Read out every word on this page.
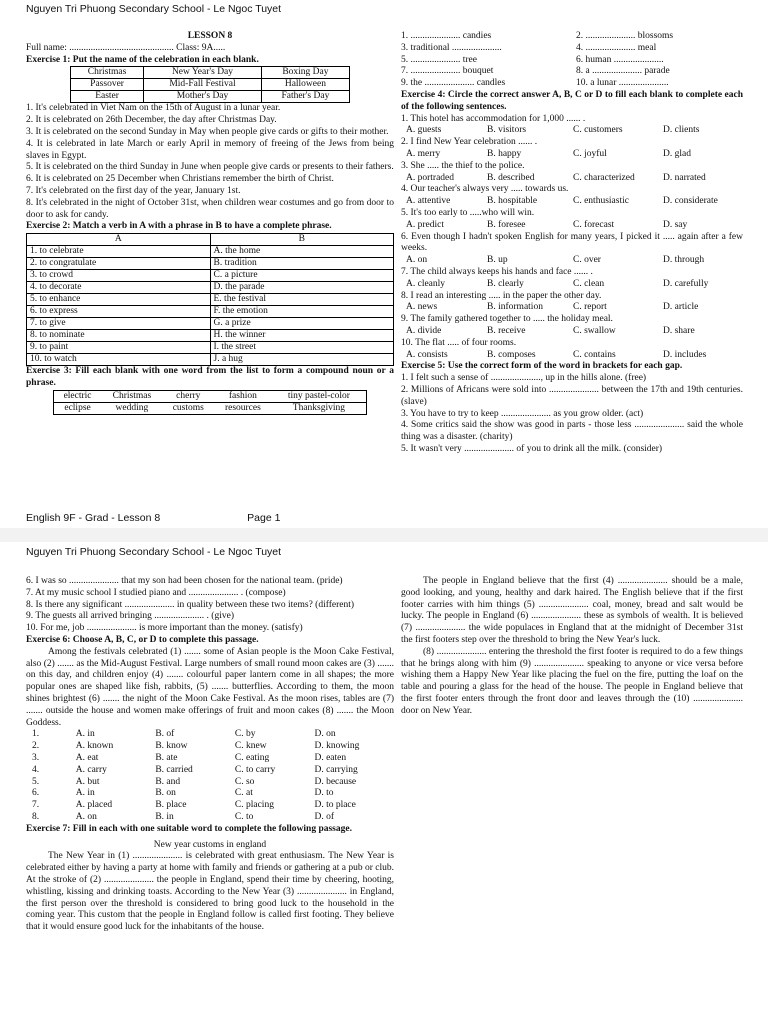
Nguyen Tri Phuong Secondary School - Le Ngoc Tuyet
LESSON 8
Full name: ............................................ Class: 9A.....
Exercise 1: Put the name of the celebration in each blank.
Christmas	New Year's Day	Boxing Day
Passover	Mid-Fall Festival	Halloween
Easter	Mother's Day	Father's Day
1. It's celebrated in Viet Nam on the 15th of August in a lunar year.
2. It is celebrated on 26th December, the day after Christmas Day.
3. It is celebrated on the second Sunday in May when people give cards or gifts to their mother.
4. It is celebrated in late March or early April in memory of freeing of the Jews from being slaves in Egypt.
5. It is celebrated on the third Sunday in June when people give cards or presents to their fathers.
6. It is celebrated on 25 December when Christians remember the birth of Christ.
7. It's celebrated on the first day of the year, January 1st.
8. It's celebrated in the night of October 31st, when children wear costumes and go from door to door to ask for candy.
Exercise 2: Match a verb in A with a phrase in B to have a complete phrase.
A	B
1. to celebrate	A. the home
2. to congratulate	B. tradition
3. to crowd	C. a picture
4. to decorate	D. the parade
5. to enhance	E. the festival
6. to express	F. the emotion
7. to give	G. a prize
8. to nominate	H. the winner
9. to paint	I. the street
10. to watch	J. a hug
Exercise 3: Fill each blank with one word from the list to form a compound noun or a phrase.
electric	Christmas	cherry	fashion	tiny pastel-color
eclipse	wedding	customs	resources	Thanksgiving
1. ..................... candies	2. ..................... blossoms
3. traditional .....................	4. ..................... meal
5. ..................... tree	6. human .....................
7. ..................... bouquet	8. a ..................... parade
9. the ..................... candles	10. a lunar .....................
Exercise 4: Circle the correct answer A, B, C or D to fill each blank to complete each of the following sentences.
1. This hotel has accommodation for 1,000 ...... .
A. guests	B. visitors	C. customers	D. clients
2. I find New Year celebration ...... .
A. merry	B. happy	C. joyful	D. glad
3. She ..... the thief to the police.
A. portraded	B. described	C. characterized	D. narrated
4. Our teacher's always very ..... towards us.
A. attentive	B. hospitable	C. enthusiastic	D. considerate
5. It's too early to .....who will win.
A. predict	B. foresee	C. forecast	D. say
6. Even though I hadn't spoken English for many years, I picked it ..... again after a few weeks.
A. on	B. up	C. over	D. through
7. The child always keeps his hands and face ...... .
A. cleanly	B. clearly	C. clean	D. carefully
8. I read an interesting ..... in the paper the other day.
A. news	B. information	C. report	D. article
9. The family gathered together to ..... the holiday meal.
A. divide	B. receive	C. swallow	D. share
10. The flat ..... of four rooms.
A. consists	B. composes	C. contains	D. includes
Exercise 5: Use the correct form of the word in brackets for each gap.
1. I felt such a sense of ....................., up in the hills alone. (free)
2. Millions of Africans were sold into ..................... between the 17th and 19th centuries. (slave)
3. You have to try to keep ..................... as you grow older. (act)
4. Some critics said the show was good in parts - those less ..................... said the whole thing was a disaster. (charity)
5. It wasn't very ..................... of you to drink all the milk. (consider)
English 9F - Grad - Lesson 8	Page 1
Nguyen Tri Phuong Secondary School - Le Ngoc Tuyet
6. I was so ..................... that my son had been chosen for the national team. (pride)
7. At my music school I studied piano and ..................... . (compose)
8. Is there any significant ..................... in quality between these two items? (different)
9. The guests all arrived bringing ..................... . (give)
10. For me, job ..................... is more important than the money. (satisfy)
Exercise 6: Choose A, B, C, or D to complete this passage.

Among the festivals celebrated (1) ....... some of Asian people is the Moon Cake Festival, also (2) ....... as the Mid-August Festival. Large numbers of small round moon cakes are (3) ....... on this day, and children enjoy (4) ....... colourful paper lantern come in all shapes; the more popular ones are shaped like fish, rabbits, (5) ....... butterflies. According to them, the moon shines brightest (6) ....... the night of the Moon Cake Festival. As the moon rises, tables are (7) ....... outside the house and women make offerings of fruit and moon cakes (8) ....... the Moon Goddess.

1.	A. in	B. of	C. by	D. on
2.	A. known	B. know	C. knew	D. knowing
3.	A. eat	B. ate	C. eating	D. eaten
4.	A. carry	B. carried	C. to carry	D. carrying
5.	A. but	B. and	C. so	D. because
6.	A. in	B. on	C. at	D. to
7.	A. placed	B. place	C. placing	D. to place
8.	A. on	B. in	C. to	D. of
Exercise 7: Fill in each with one suitable word to complete the following passage.
New year customs in england

The New Year in (1) ..................... is celebrated with great enthusiasm. The New Year is celebrated either by having a party at home with family and friends or gathering at a pub or club. At the stroke of (2) ..................... the people in England, spend their time by cheering, hooting, whistling, kissing and drinking toasts. According to the New Year (3) ..................... in England, the first person over the threshold is considered to bring good luck to the household in the coming year. This custom that the people in England follow is called first footing. They believe that it would ensure good luck for the inhabitants of the house.

The people in England believe that the first (4) ..................... should be a male, good looking, and young, healthy and dark haired. The English believe that if the first footer carries with him things (5) ..................... coal, money, bread and salt would be lucky. The people in England (6) ..................... these as symbols of wealth. It is believed (7) ..................... the wide populaces in England that at the midnight of December 31st the first footers step over the threshold to bring the New Year's luck.

(8) ..................... entering the threshold the first footer is required to do a few things that he brings along with him (9) ..................... speaking to anyone or vice versa before wishing them a Happy New Year like placing the fuel on the fire, putting the loaf on the table and pouring a glass for the head of the house. The people in England believe that the first footer enters through the front door and leaves through the (10) ..................... door on New Year.
